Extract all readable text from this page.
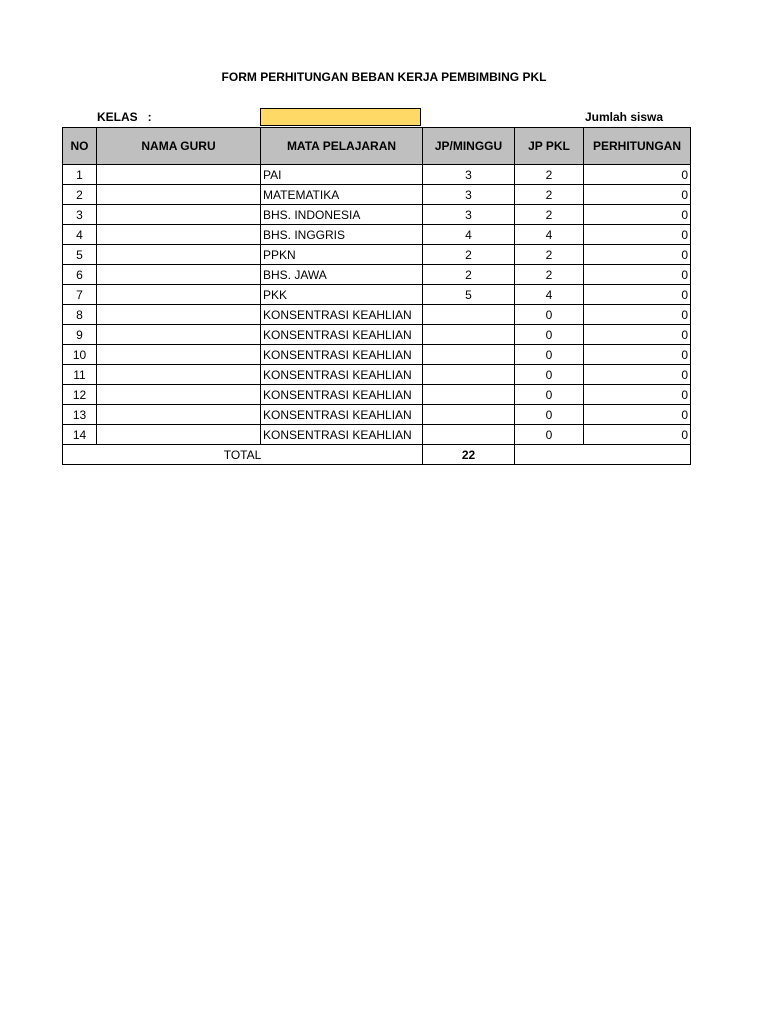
FORM PERHITUNGAN BEBAN KERJA PEMBIMBING PKL
KELAS   :	Jumlah siswa
NO	NAMA GURU	MATA PELAJARAN	JP/MINGGU	JP PKL	PERHITUNGAN
1		PAI	3	2	0
2		MATEMATIKA	3	2	0
3		BHS. INDONESIA	3	2	0
4		BHS. INGGRIS	4	4	0
5		PPKN	2	2	0
6		BHS. JAWA	2	2	0
7		PKK	5	4	0
8		KONSENTRASI KEAHLIAN		0	0
9		KONSENTRASI KEAHLIAN		0	0
10		KONSENTRASI KEAHLIAN		0	0
11		KONSENTRASI KEAHLIAN		0	0
12		KONSENTRASI KEAHLIAN		0	0
13		KONSENTRASI KEAHLIAN		0	0
14		KONSENTRASI KEAHLIAN		0	0
TOTAL			22		
